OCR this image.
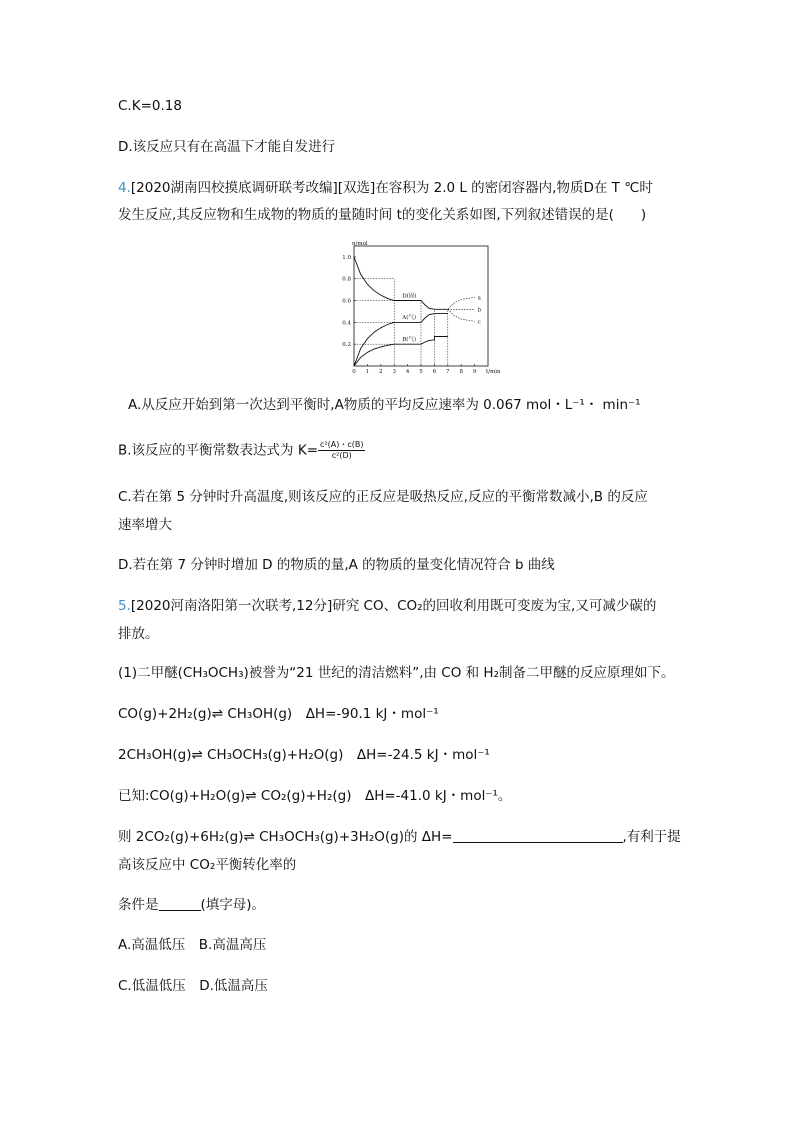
C.K=0.18
D.该反应只有在高温下才能自发进行
4.[2020湖南四校摸底调研联考改编][双选]在容积为 2.0 L 的密闭容器内,物质D在 T ℃时
发生反应,其反应物和生成物的物质的量随时间 t的变化关系如图,下列叙述错误的是(　　)
0.2
0.4
0.6
0.8
1.0
0 1 2 3 4 5 6 7 8 9
n/mol
t/min
D(固)
A(气)
B(气)
a
b
c
A.从反应开始到第一次达到平衡时,A物质的平均反应速率为 0.067 mol・L⁻¹・ min⁻¹
B.该反应的平衡常数表达式为 $K= \frac{\text{c²(A)・c(B)}}{\text{c²(D)}}$
C.若在第 5 分钟时升高温度,则该反应的正反应是吸热反应,反应的平衡常数减小,B 的反应
速率增大
D.若在第 7 分钟时增加 D 的物质的量,A 的物质的量变化情况符合 b 曲线
5.[2020河南洛阳第一次联考,12分]研究 CO、CO₂的回收利用既可变废为宝,又可减少碳的
排放。
(1)二甲醚(CH₃OCH₃)被誉为“21 世纪的清洁燃料”,由 CO 和 H₂制备二甲醚的反应原理如下。
CO(g)+2H₂(g)⇌ CH₃OH(g)　ΔH=-90.1 kJ・mol⁻¹
2CH₃OH(g)⇌ CH₃OCH₃(g)+H₂O(g)　ΔH=-24.5 kJ・mol⁻¹
已知:CO(g)+H₂O(g)⇌ CO₂(g)+H₂(g)　ΔH=-41.0 kJ・mol⁻¹。
则 2CO₂(g)+6H₂(g)⇌ CH₃OCH₃(g)+3H₂O(g)的 ΔH=	,有利于提
高该反应中 CO₂平衡转化率的
条件是	(填字母)。
A.高温低压　B.高温高压
C.低温低压　D.低温高压
